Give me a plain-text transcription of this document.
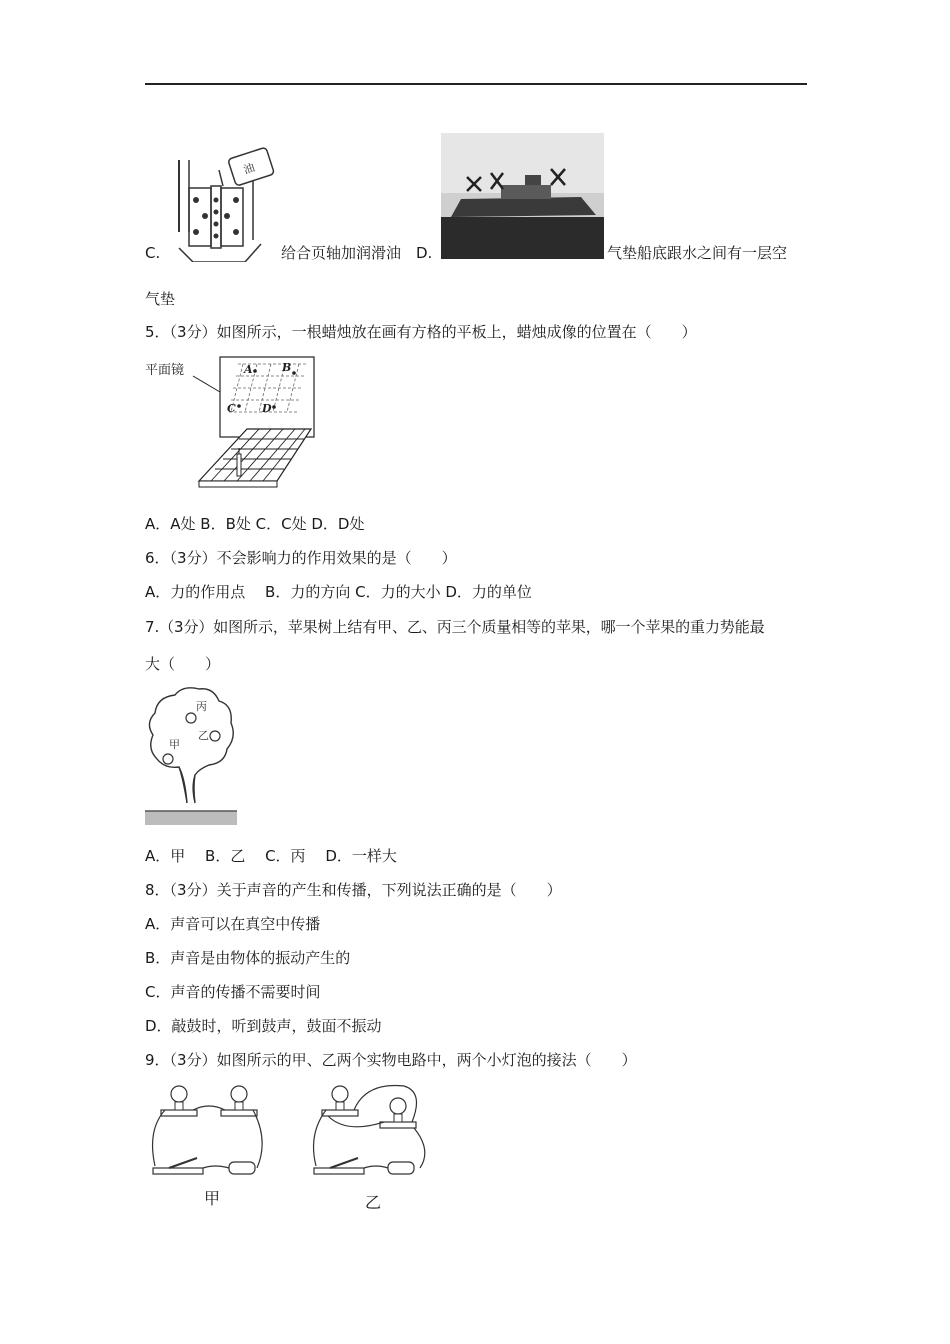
油
C.	给合页轴加润滑油 D.	气垫船底跟水之间有一层空
气垫
5．（3分）如图所示，一根蜡烛放在画有方格的平板上，蜡烛成像的位置在（　　）
平面镜	A	B
C D
A．A处 B．B处 C．C处 D．D处
6．（3分）不会影响力的作用效果的是（　　）
A．力的作用点　 B．力的方向 C．力的大小 D．力的单位
7.（3分）如图所示，苹果树上结有甲、乙、丙三个质量相等的苹果，哪一个苹果的重力势能最
大（　　）
丙
乙
甲
A．甲　 B．乙　 C．丙　 D．一样大
8．（3分）关于声音的产生和传播，下列说法正确的是（　　）
A．声音可以在真空中传播
B．声音是由物体的振动产生的
C．声音的传播不需要时间
D．敲鼓时，听到鼓声，鼓面不振动
9．（3分）如图所示的甲、乙两个实物电路中，两个小灯泡的接法（　　）
甲	乙
